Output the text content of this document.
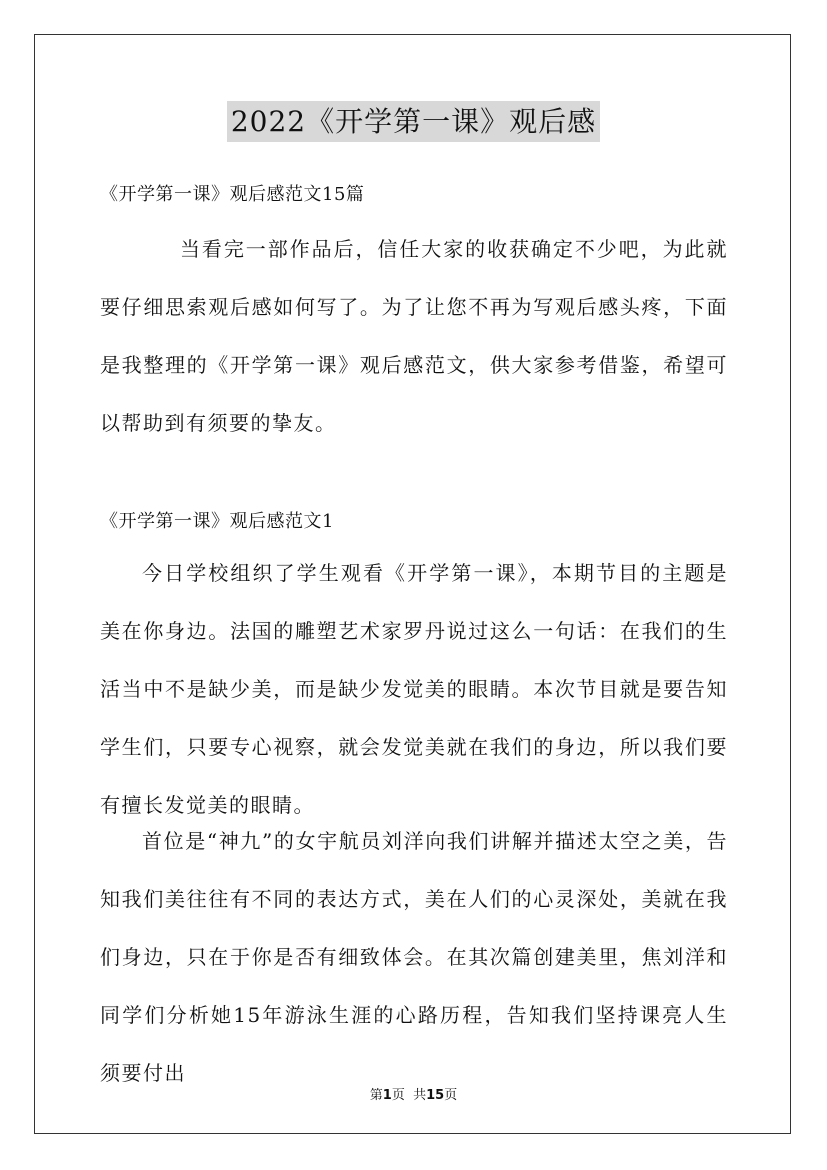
2022《开学第一课》观后感
《开学第一课》观后感范文15篇

当看完一部作品后，信任大家的收获确定不少吧，为此就要仔细思索观后感如何写了。为了让您不再为写观后感头疼，下面是我整理的《开学第一课》观后感范文，供大家参考借鉴，希望可以帮助到有须要的挚友。

《开学第一课》观后感范文1

今日学校组织了学生观看《开学第一课》，本期节目的主题是美在你身边。法国的雕塑艺术家罗丹说过这么一句话：在我们的生活当中不是缺少美，而是缺少发觉美的眼睛。本次节目就是要告知学生们，只要专心视察，就会发觉美就在我们的身边，所以我们要有擅长发觉美的眼睛。

首位是“神九”的女宇航员刘洋向我们讲解并描述太空之美，告知我们美往往有不同的表达方式，美在人们的心灵深处，美就在我们身边，只在于你是否有细致体会。在其次篇创建美里，焦刘洋和同学们分析她15年游泳生涯的心路历程，告知我们坚持课亮人生须要付出

第1页 共15页
